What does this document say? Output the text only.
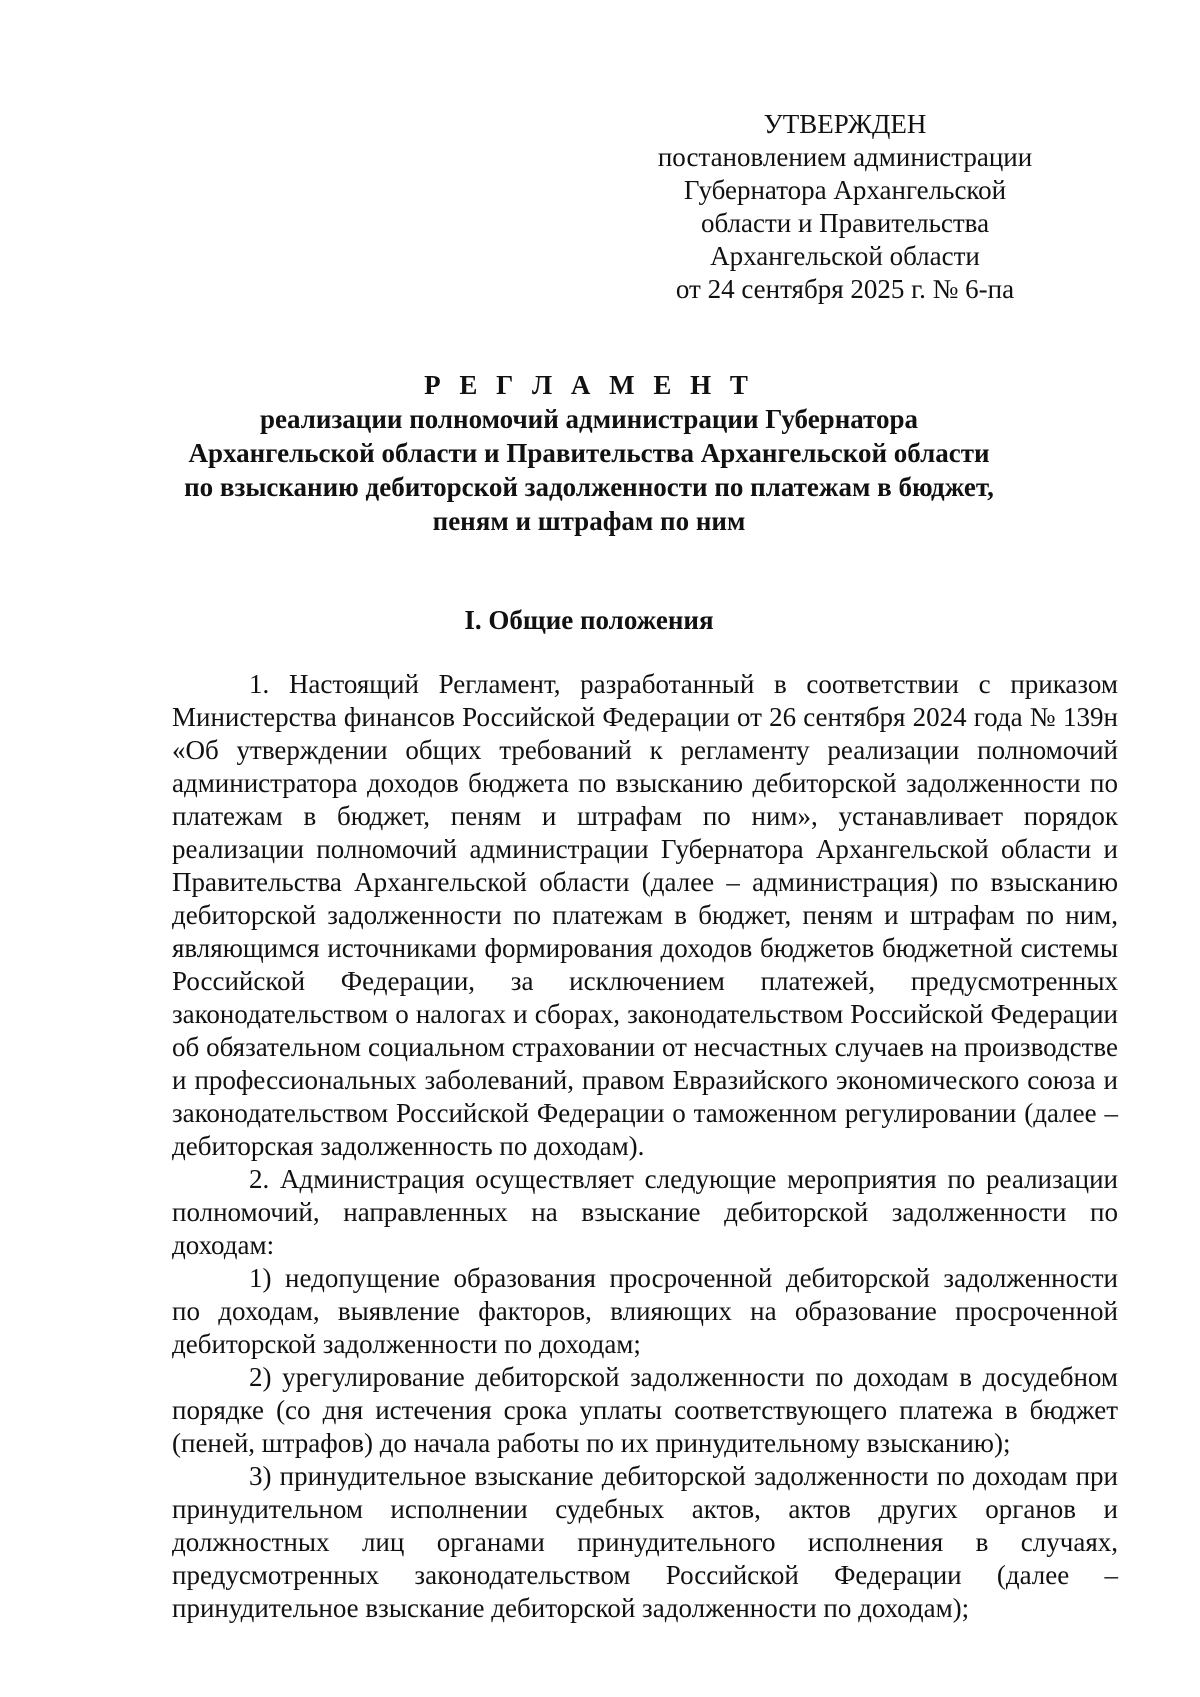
УТВЕРЖДЕН
постановлением администрации
Губернатора Архангельской
области и Правительства
Архангельской области
от 24 сентября 2025 г. № 6-па
Р Е Г Л А М Е Н Т
реализации полномочий администрации Губернатора
Архангельской области и Правительства Архангельской области
по взысканию дебиторской задолженности по платежам в бюджет,
пеням и штрафам по ним
I. Общие положения

1. Настоящий Регламент, разработанный в соответствии с приказом Министерства финансов Российской Федерации от 26 сентября 2024 года № 139н «Об утверждении общих требований к регламенту реализации полномочий администратора доходов бюджета по взысканию дебиторской задолженности по платежам в бюджет, пеням и штрафам по ним», устанавливает порядок реализации полномочий администрации Губернатора Архангельской области и Правительства Архангельской области (далее – администрация) по взысканию дебиторской задолженности по платежам в бюджет, пеням и штрафам по ним, являющимся источниками формирования доходов бюджетов бюджетной системы Российской Федерации, за исключением платежей, предусмотренных законодательством о налогах и сборах, законодательством Российской Федерации об обязательном социальном страховании от несчастных случаев на производстве и профессиональных заболеваний, правом Евразийского экономического союза и законодательством Российской Федерации о таможенном регулировании (далее – дебиторская задолженность по доходам).

2. Администрация осуществляет следующие мероприятия по реализации полномочий, направленных на взыскание дебиторской задолженности по доходам:

1) недопущение образования просроченной дебиторской задолженности по доходам, выявление факторов, влияющих на образование просроченной дебиторской задолженности по доходам;

2) урегулирование дебиторской задолженности по доходам в досудебном порядке (со дня истечения срока уплаты соответствующего платежа в бюджет (пеней, штрафов) до начала работы по их принудительному взысканию);

3) принудительное взыскание дебиторской задолженности по доходам при принудительном исполнении судебных актов, актов других органов и должностных лиц органами принудительного исполнения в случаях, предусмотренных законодательством Российской Федерации (далее – принудительное взыскание дебиторской задолженности по доходам);
